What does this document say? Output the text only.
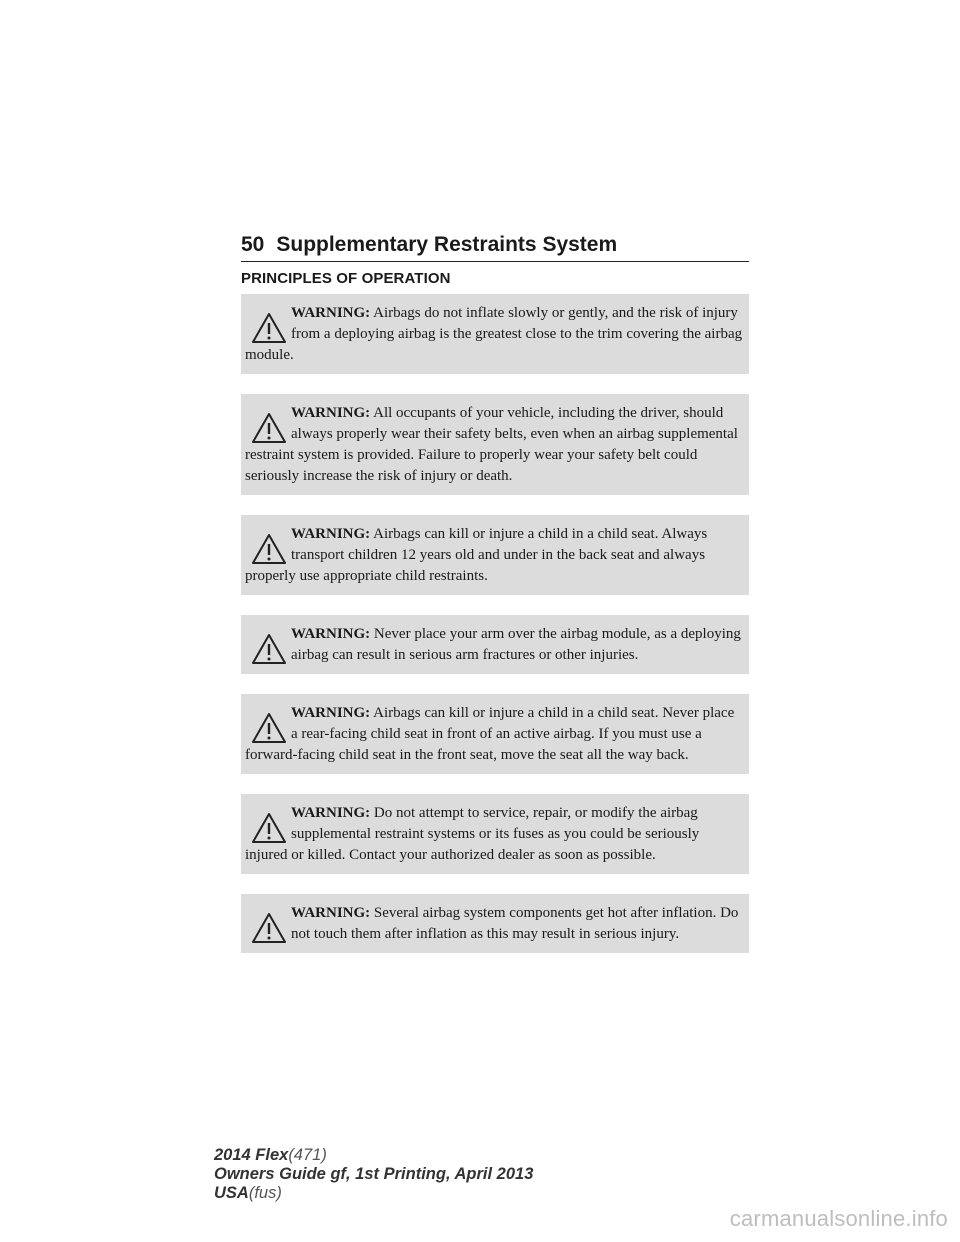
50 Supplementary Restraints System
PRINCIPLES OF OPERATION
WARNING: Airbags do not inflate slowly or gently, and the risk of injury from a deploying airbag is the greatest close to the trim covering the airbag module.
WARNING: All occupants of your vehicle, including the driver, should always properly wear their safety belts, even when an airbag supplemental restraint system is provided. Failure to properly wear your safety belt could seriously increase the risk of injury or death.
WARNING: Airbags can kill or injure a child in a child seat. Always transport children 12 years old and under in the back seat and always properly use appropriate child restraints.
WARNING: Never place your arm over the airbag module, as a deploying airbag can result in serious arm fractures or other injuries.
WARNING: Airbags can kill or injure a child in a child seat. Never place a rear-facing child seat in front of an active airbag. If you must use a forward-facing child seat in the front seat, move the seat all the way back.
WARNING: Do not attempt to service, repair, or modify the airbag supplemental restraint systems or its fuses as you could be seriously injured or killed. Contact your authorized dealer as soon as possible.
WARNING: Several airbag system components get hot after inflation. Do not touch them after inflation as this may result in serious injury.
2014 Flex(471)
Owners Guide gf, 1st Printing, April 2013
USA(fus)
carmanualsonline.info
